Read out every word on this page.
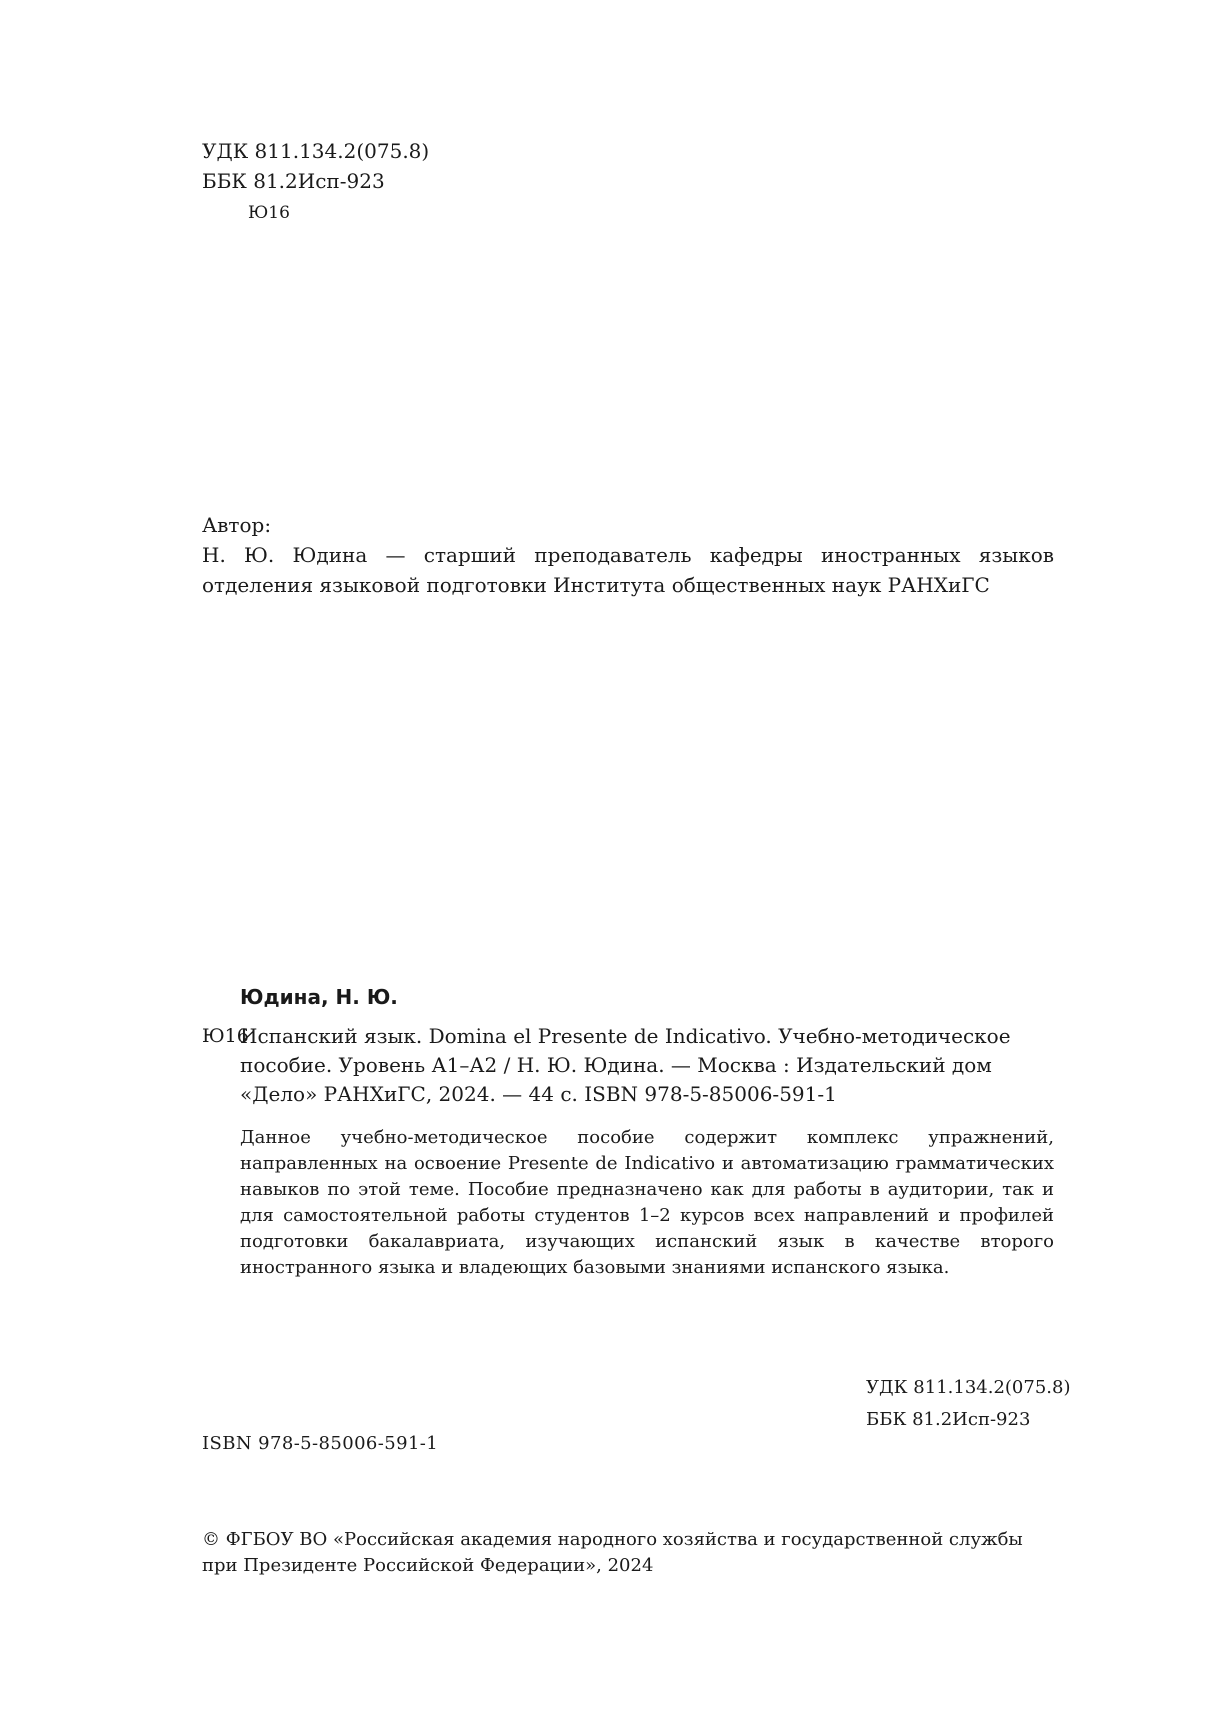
УДК 811.134.2(075.8)
ББК 81.2Исп-923
Ю16
Автор:

Н. Ю. Юдина — старший преподаватель кафедры иностранных языков отделения языковой подготовки Института общественных наук РАНХиГС

Юдина, Н. Ю.
Ю16

Испанский язык. Domina el Presente de Indicativo. Учебно-методическое пособие. Уровень А1–А2 / Н. Ю. Юдина. — Москва : Издательский дом «Дело» РАНХиГС, 2024. — 44 с. ISBN 978-5-85006-591-1

Данное учебно-методическое пособие содержит комплекс упражнений, направленных на освоение Presente de Indicativo и автоматизацию грамматических навыков по этой теме. Пособие предназначено как для работы в аудитории, так и для самостоятельной работы студентов 1–2 курсов всех направлений и профилей подготовки бакалавриата, изучающих испанский язык в качестве второго иностранного языка и владеющих базовыми знаниями испанского языка.

УДК 811.134.2(075.8)
ББК 81.2Исп-923
ISBN 978-5-85006-591-1
© ФГБОУ ВО «Российская академия народного хозяйства и государственной службы
при Президенте Российской Федерации», 2024
